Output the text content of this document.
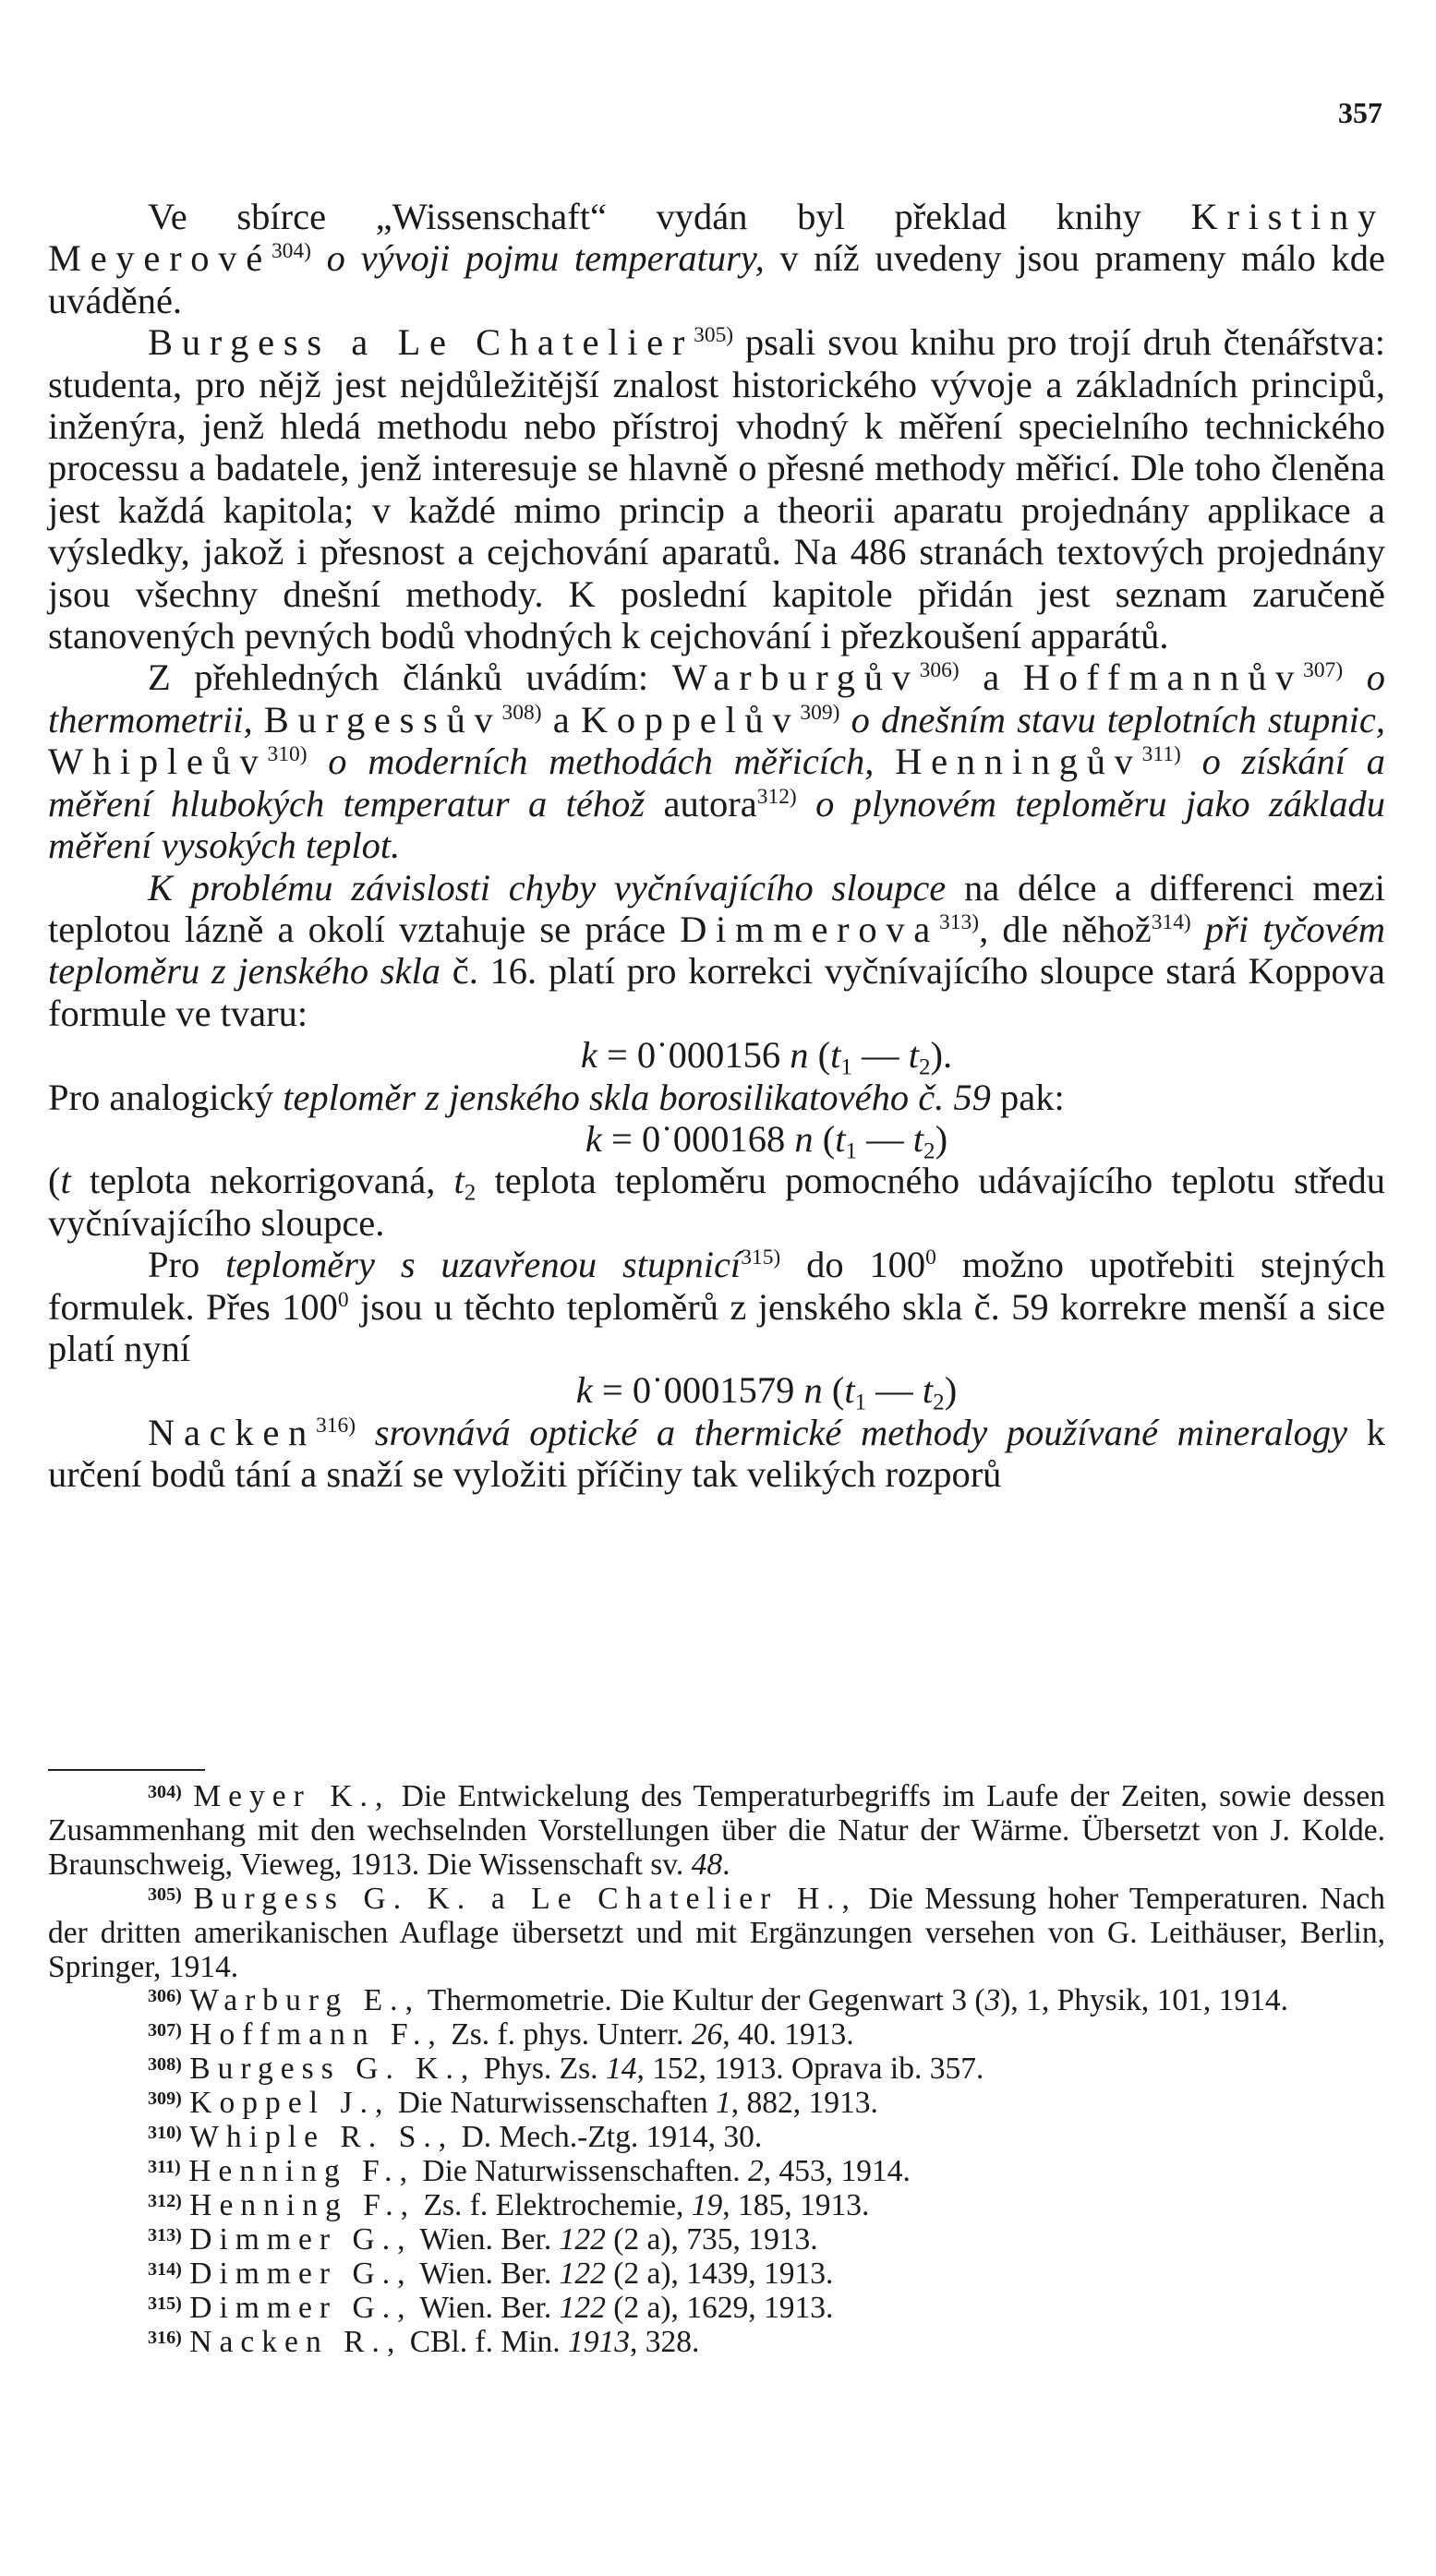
357

Ve sbírce „Wissenschaft“ vydán byl překlad knihy Kristiny Meyerové$^{304)}$ o vývoji pojmu temperatury, v níž uvedeny jsou prameny málo kde uváděné.

Burgess a Le Chatelier$^{305)}$ psali svou knihu pro trojí druh čtenářstva: studenta, pro nějž jest nejdůležitější znalost historického vývoje a základních principů, inženýra, jenž hledá methodu nebo přístroj vhodný k měření specielního technického processu a badatele, jenž interesuje se hlavně o přesné methody měřicí. Dle toho členěna jest každá kapitola; v každé mimo princip a theorii aparatu projednány applikace a výsledky, jakož i přesnost a cejchování aparatů. Na 486 stranách textových projednány jsou všechny dnešní methody. K poslední kapitole přidán jest seznam zaručeně stanovených pevných bodů vhodných k cejchování i přezkoušení apparátů.

Z přehledných článků uvádím: Warburgův$^{306)}$ a Hoffmannův$^{307)}$ o thermometrii, Burgessův$^{308)}$ a Koppelův$^{309)}$ o dnešním stavu teplotních stupnic, Whipleův$^{310)}$ o moderních methodách měřicích, Henningův$^{311)}$ o získání a měření hlubokých temperatur a téhož autora$^{312)}$ o plynovém teploměru jako základu měření vysokých teplot.

K problému závislosti chyby vyčnívajícího sloupce na délce a differenci mezi teplotou lázně a okolí vztahuje se práce Dimmerova$^{313)}$, dle něhož$^{314)}$ při tyčovém teploměru z jenského skla č. 16. platí pro korrekci vyčnívajícího sloupce stará Koppova formule ve tvaru:

k = 0˙000156 n ($t_1$ — $t_2$).

Pro analogický teploměr z jenského skla borosilikatového č. 59 pak:

k = 0˙000168 n ($t_1$ — $t_2$)

(t teplota nekorrigovaná, $t_2$ teplota teploměru pomocného udávajícího teplotu středu vyčnívajícího sloupce.

Pro teploměry s uzavřenou stupnicí$^{315)}$ do $100^0$ možno upotřebiti stejných formulek. Přes $100^0$ jsou u těchto teploměrů z jenského skla č. 59 korrekre menší a sice platí nyní

k = 0˙0001579 n ($t_1$ — $t_2$)

Nacken$^{316)}$ srovnává optické a thermické methody používané mineralogy k určení bodů tání a snaží se vyložiti příčiny tak velikých rozporů

$^{304)}$ Meyer K., Die Entwickelung des Temperaturbegriffs im Laufe der Zeiten, sowie dessen Zusammenhang mit den wechselnden Vorstellungen über die Natur der Wärme. Übersetzt von J. Kolde. Braunschweig, Vieweg, 1913. Die Wissenschaft sv. 48.

$^{305)}$ Burgess G. K. a Le Chatelier H., Die Messung hoher Temperaturen. Nach der dritten amerikanischen Auflage übersetzt und mit Ergänzungen versehen von G. Leithäuser, Berlin, Springer, 1914.

$^{306)}$ Warburg E., Thermometrie. Die Kultur der Gegenwart 3 (3), 1, Physik, 101, 1914.

$^{307)}$ Hoffmann F., Zs. f. phys. Unterr. 26, 40. 1913.

$^{308)}$ Burgess G. K., Phys. Zs. 14, 152, 1913. Oprava ib. 357.

$^{309)}$ Koppel J., Die Naturwissenschaften 1, 882, 1913.

$^{310)}$ Whiple R. S., D. Mech.-Ztg. 1914, 30.

$^{311)}$ Henning F., Die Naturwissenschaften. 2, 453, 1914.

$^{312)}$ Henning F., Zs. f. Elektrochemie, 19, 185, 1913.

$^{313)}$ Dimmer G., Wien. Ber. 122 (2 a), 735, 1913.

$^{314)}$ Dimmer G., Wien. Ber. 122 (2 a), 1439, 1913.

$^{315)}$ Dimmer G., Wien. Ber. 122 (2 a), 1629, 1913.

$^{316)}$ Nacken R., CBl. f. Min. 1913, 328.
